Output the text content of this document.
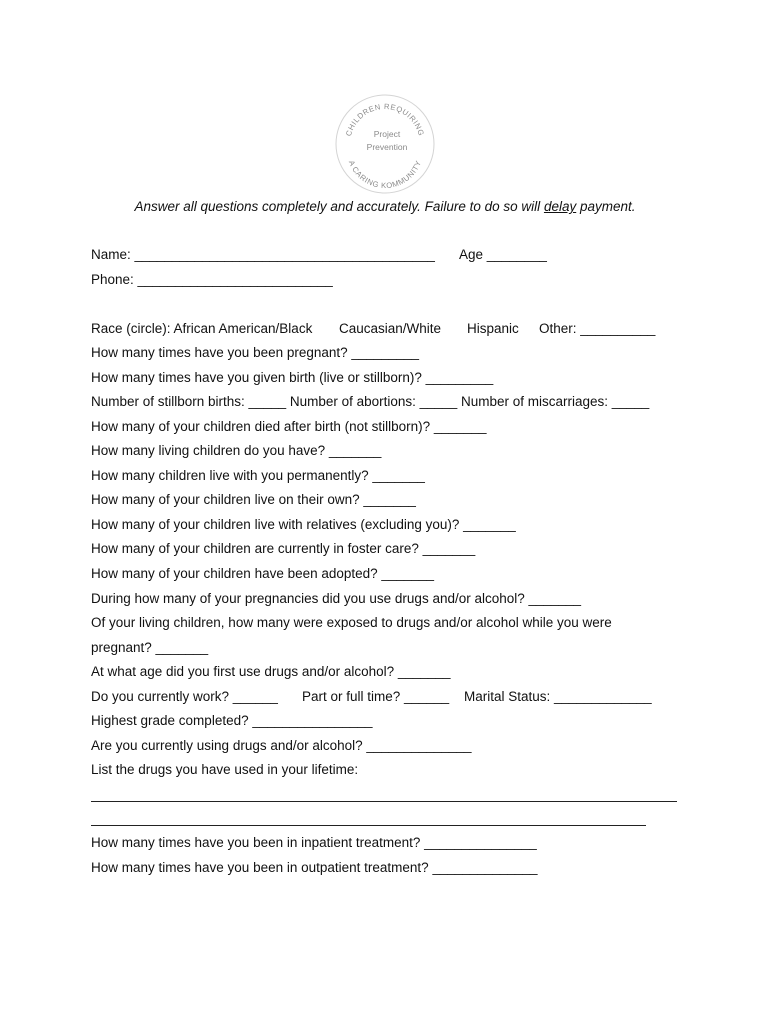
CHILDREN REQUIRING
A CARING KOMMUNITY
Project
Prevention
Answer all questions completely and accurately. Failure to do so will delay payment.
Name: ________________________________________ Age ________
Phone: __________________________
Race (circle): African American/Black Caucasian/White Hispanic Other: __________
How many times have you been pregnant? _________
How many times have you given birth (live or stillborn)? _________
Number of stillborn births: _____ Number of abortions: _____ Number of miscarriages: _____
How many of your children died after birth (not stillborn)? _______
How many living children do you have? _______
How many children live with you permanently? _______
How many of your children live on their own? _______
How many of your children live with relatives (excluding you)? _______
How many of your children are currently in foster care? _______
How many of your children have been adopted? _______
During how many of your pregnancies did you use drugs and/or alcohol? _______
Of your living children, how many were exposed to drugs and/or alcohol while you were
pregnant? _______
At what age did you first use drugs and/or alcohol? _______
Do you currently work? ______ Part or full time? ______ Marital Status: _____________
Highest grade completed? ________________
Are you currently using drugs and/or alcohol? ______________
List the drugs you have used in your lifetime:
How many times have you been in inpatient treatment? _______________
How many times have you been in outpatient treatment? ______________
